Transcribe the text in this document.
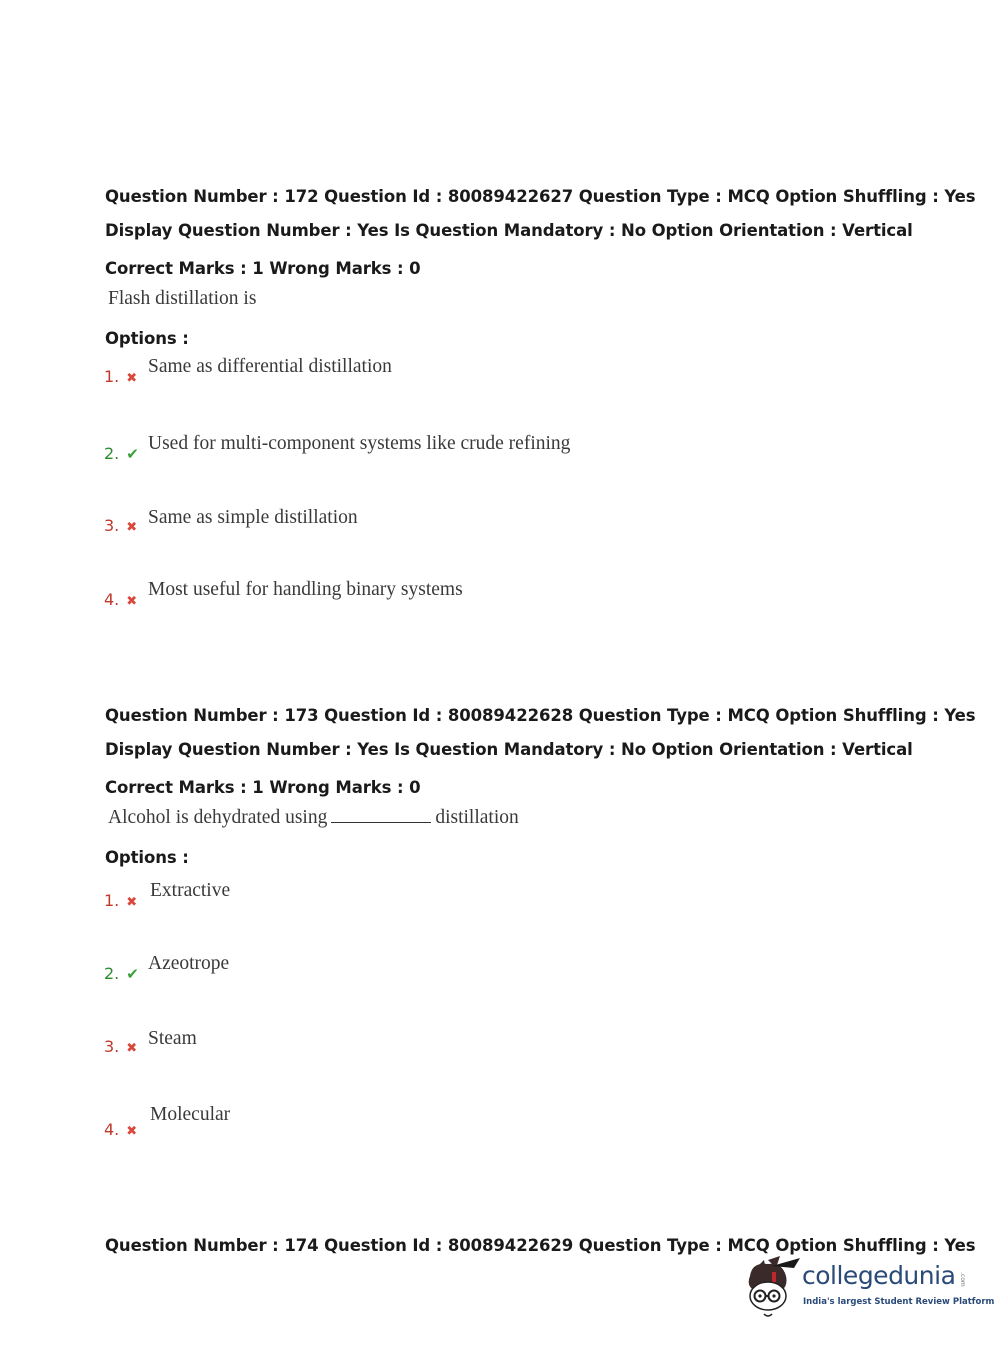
Question Number : 172 Question Id : 80089422627 Question Type : MCQ Option Shuffling : Yes
Display Question Number : Yes Is Question Mandatory : No Option Orientation : Vertical
Correct Marks : 1 Wrong Marks : 0
Flash distillation is
Options :
1. ✖
Same as differential distillation
2. ✔ Used for multi-component systems like crude refining
3. ✖ Same as simple distillation
4. ✖
Most useful for handling binary systems
Question Number : 173 Question Id : 80089422628 Question Type : MCQ Option Shuffling : Yes
Display Question Number : Yes Is Question Mandatory : No Option Orientation : Vertical
Correct Marks : 1 Wrong Marks : 0
Alcohol is dehydrated using	distillation
Options :
1. ✖
Extractive
2. ✔ Azeotrope
3. ✖ Steam
4. ✖
Molecular
Question Number : 174 Question Id : 80089422629 Question Type : MCQ Option Shuffling : Yes
collegedunia .com
India's largest Student Review Platform
